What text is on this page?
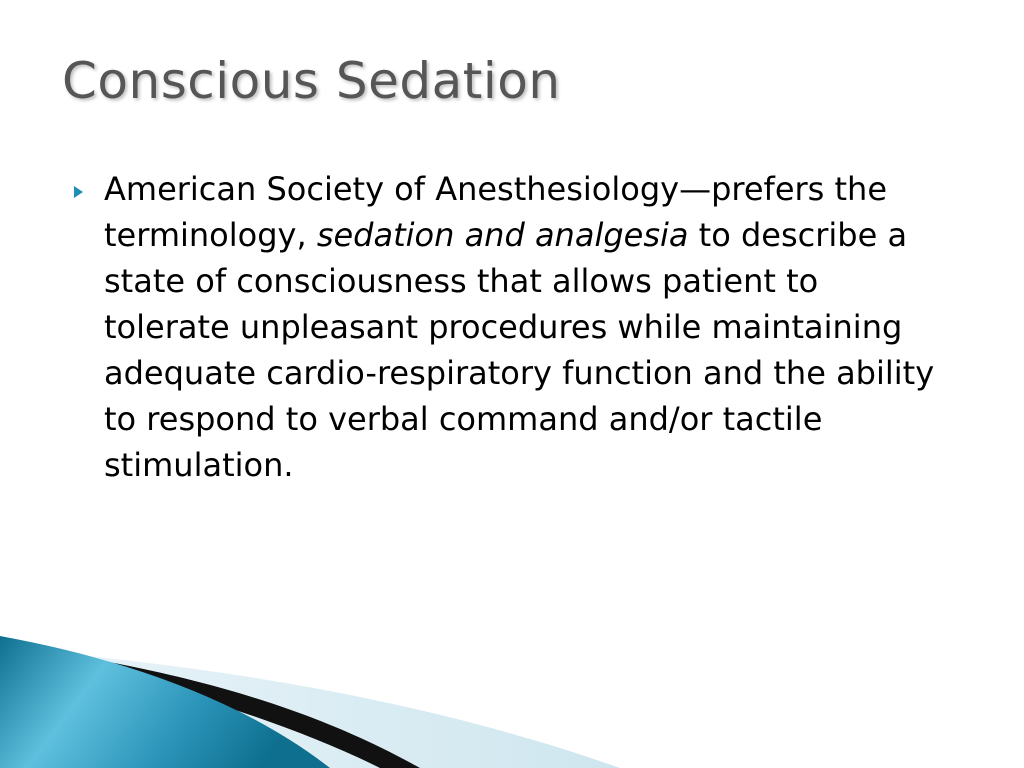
Conscious Sedation

American Society of Anesthesiology—prefers the terminology, sedation and analgesia to describe a state of consciousness that allows patient to tolerate unpleasant procedures while maintaining  adequate cardio-respiratory function and the ability to respond to verbal command and/or tactile stimulation.
